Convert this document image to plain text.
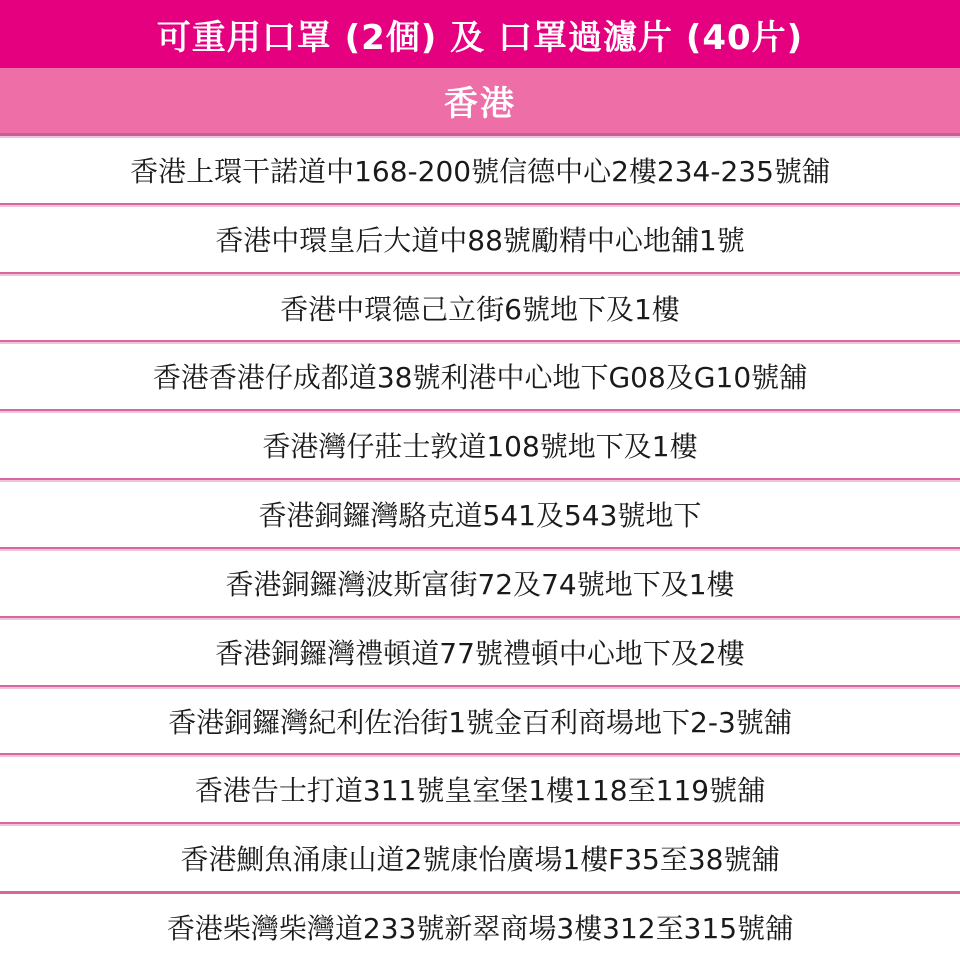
可重用口罩 (2個) 及 口罩過濾片 (40片)
香港
香港上環干諾道中168-200號信德中心2樓234-235號舖
香港中環皇后大道中88號勵精中心地舖1號
香港中環德己立街6號地下及1樓
香港香港仔成都道38號利港中心地下G08及G10號舖
香港灣仔莊士敦道108號地下及1樓
香港銅鑼灣駱克道541及543號地下
香港銅鑼灣波斯富街72及74號地下及1樓
香港銅鑼灣禮頓道77號禮頓中心地下及2樓
香港銅鑼灣紀利佐治街1號金百利商場地下2-3號舖
香港告士打道311號皇室堡1樓118至119號舖
香港鰂魚涌康山道2號康怡廣場1樓F35至38號舖
香港柴灣柴灣道233號新翠商場3樓312至315號舖
